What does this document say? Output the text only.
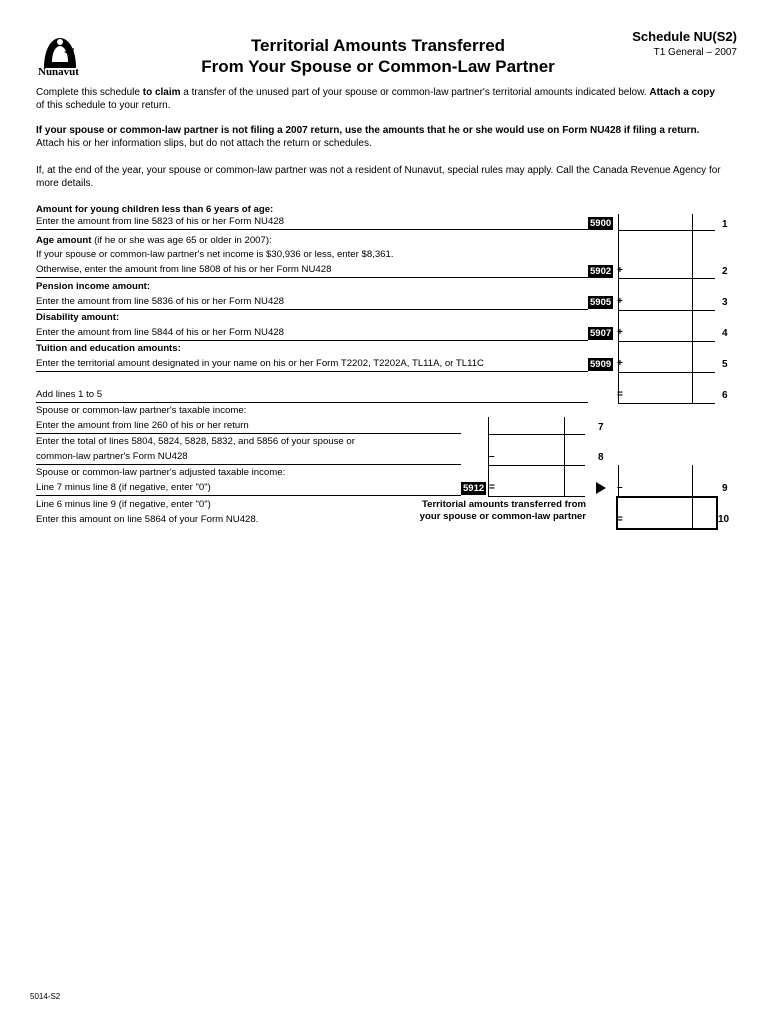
Nunavut
Territorial Amounts Transferred
From Your Spouse or Common-Law Partner
Schedule NU(S2)
T1 General – 2007
Complete this schedule to claim a transfer of the unused part of your spouse or common-law partner's territorial amounts indicated below. Attach a copy of this schedule to your return.
If your spouse or common-law partner is not filing a 2007 return, use the amounts that he or she would use on Form NU428 if filing a return. Attach his or her information slips, but do not attach the return or schedules.
If, at the end of the year, your spouse or common-law partner was not a resident of Nunavut, special rules may apply. Call the Canada Revenue Agency for more details.
Amount for young children less than 6 years of age:
Enter the amount from line 5823 of his or her Form NU428	5900	1
Age amount (if he or she was age 65 or older in 2007):
If your spouse or common-law partner's net income is $30,936 or less, enter $8,361.
Otherwise, enter the amount from line 5808 of his or her Form NU428	5902 +	2
Pension income amount:
Enter the amount from line 5836 of his or her Form NU428	5905 +	3
Disability amount:
Enter the amount from line 5844 of his or her Form NU428	5907 +	4
Tuition and education amounts:
Enter the territorial amount designated in your name on his or her Form T2202, T2202A, TL11A, or TL11C	5909 +	5
Add lines 1 to 5	=	6
Spouse or common-law partner's taxable income:
Enter the amount from line 260 of his or her return	7
Enter the total of lines 5804, 5824, 5828, 5832, and 5856 of your spouse or
common-law partner's Form NU428	–	8
Spouse or common-law partner's adjusted taxable income:
Line 7 minus line 8 (if negative, enter "0")	5912 =	–	9
Line 6 minus line 9 (if negative, enter "0")
Enter this amount on line 5864 of your Form NU428.
Territorial amounts transferred from
your spouse or common-law partner	=	10
5014-S2
